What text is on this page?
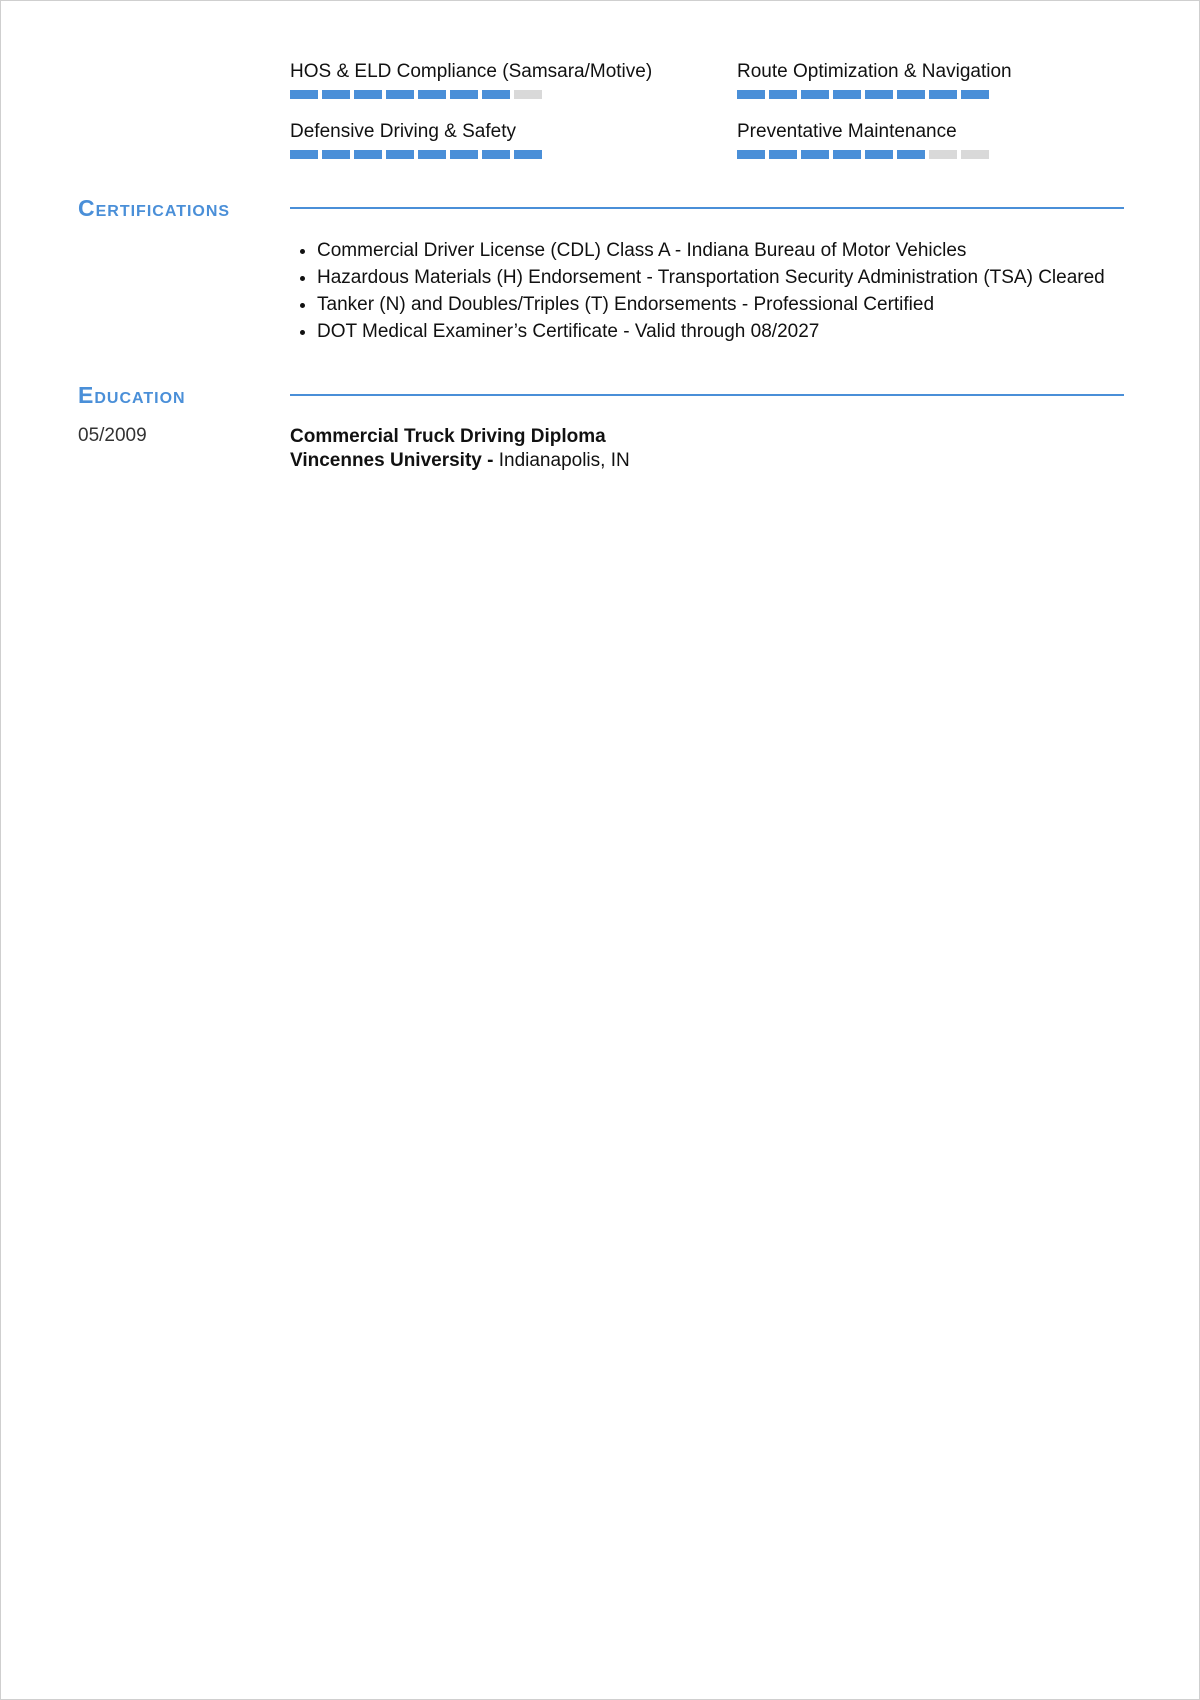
HOS & ELD Compliance (Samsara/Motive)	Route Optimization & Navigation
Defensive Driving & Safety	Preventative Maintenance
Certifications
• Commercial Driver License (CDL) Class A - Indiana Bureau of Motor Vehicles
• Hazardous Materials (H) Endorsement - Transportation Security Administration (TSA) Cleared
• Tanker (N) and Doubles/Triples (T) Endorsements - Professional Certified
• DOT Medical Examiner’s Certificate - Valid through 08/2027
Education
05/2009	Commercial Truck Driving Diploma
Vincennes University - Indianapolis, IN
